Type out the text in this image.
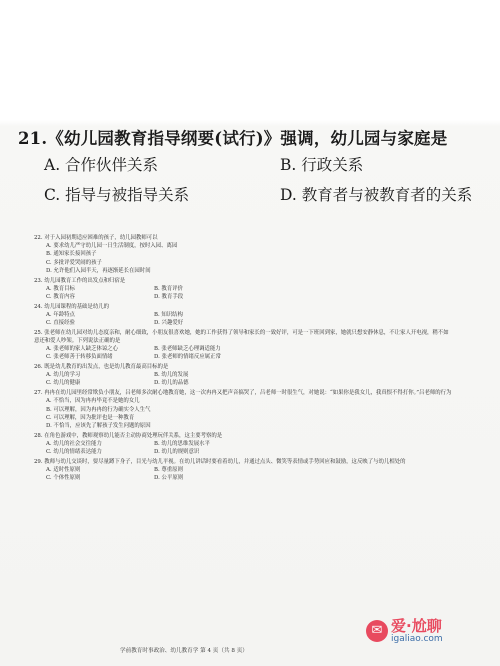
21.《幼儿园教育指导纲要(试行)》强调，幼儿园与家庭是
A. 合作伙伴关系	B. 行政关系
C. 指导与被指导关系	D. 教育者与被教育者的关系
22. 对于入园初期适应困难的孩子，幼儿园教师可以
A. 要求幼儿严守幼儿园一日生活制度，按时入园、离园
B. 通知家长接回孩子
C. 多批评爱哭闹的孩子
D. 允许他们入园半天，再逐渐延长在园时间
23. 幼儿园教育工作的出发点和归宿是
A. 教育目标	B. 教育评价
C. 教育内容	D. 教育手段
24. 幼儿园课程的基础是幼儿的
A. 年龄特点	B. 知识结构
C. 直接经验	D. 兴趣爱好
25. 张老师在幼儿园对幼儿态度亲和，耐心细致，小朋友很喜欢她，她的工作获得了领导和家长的一致好评，可是一下班回到家，她就只想安静休息，不让家人开电视，稍不如意还和爱人吵架。下列说法正确的是
A. 张老师的家人缺乏体谅之心	B. 张老师缺乏心理调适能力
C. 张老师善于转移负面情绪	D. 张老师的情绪反应属正常
26. 既是幼儿教育的出发点，也是幼儿教育最高目标的是
A. 幼儿的学习	B. 幼儿的发展
C. 幼儿的健康	D. 幼儿的品德
27. 冉冉在幼儿园里经常欺负小朋友，吕老师多次耐心地教育她，这一次冉冉又把声音搞哭了，吕老师一时很生气，对她说：“如果你是我女儿，我真恨不得打你。”吕老师的行为
A. 不恰当，因为冉冉毕竟不是她的女儿
B. 可以理解，因为冉冉的行为确实令人生气
C. 可以理解，因为批评也是一种教育
D. 不恰当，应该先了解孩子发生问题的原因
28. 在角色游戏中，教师观察幼儿能否主动协商处理玩伴关系，这主要考察的是
A. 幼儿的社会交往能力	B. 幼儿的思维发展水平
C. 幼儿的情绪表达能力	D. 幼儿的规则意识
29. 教师与幼儿交谈时，要尽量蹲下身子，目光与幼儿平视。在幼儿讲话时要看着幼儿，并通过点头、微笑等表情或手势回应和鼓励，这反映了与幼儿相处的
A. 适时性原则	B. 尊重原则
C. 个体性原则	D. 公平原则
学前教育时事政治、幼儿教育学 第 4 页（共 8 页）
✉ 爱·尬聊
igaliao.com
